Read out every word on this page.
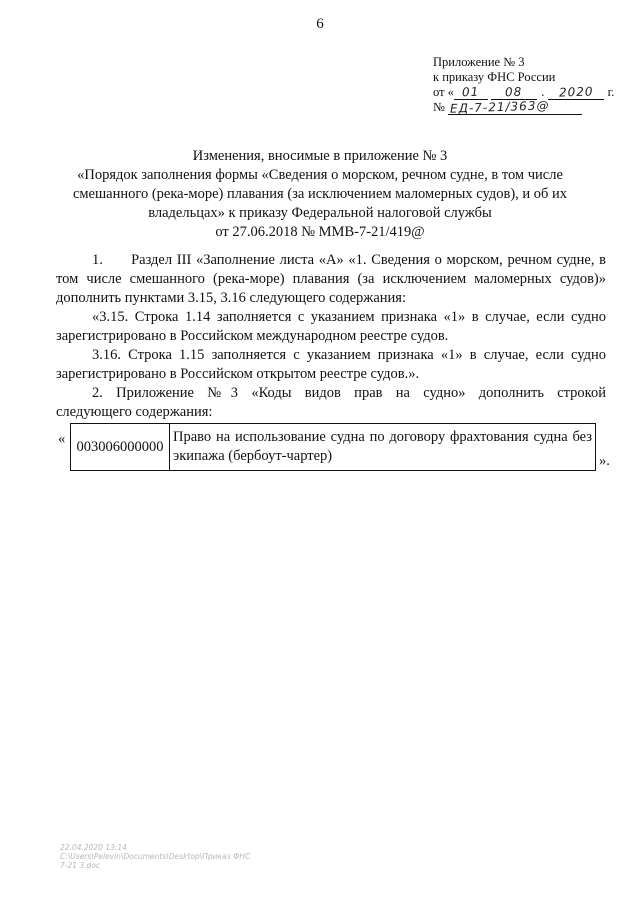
6
Приложение № 3
к приказу ФНС России
от « 01 08 . 2020 г.
№ ЕД-7-21/363@
Изменения, вносимые в приложение № 3
«Порядок заполнения формы «Сведения о морском, речном судне, в том числе
смешанного (река-море) плавания (за исключением маломерных судов), и об их
владельцах» к приказу Федеральной налоговой службы
от 27.06.2018 № ММВ-7-21/419@

1.      Раздел III «Заполнение листа «А» «1. Сведения о морском, речном судне, в том числе смешанного (река-море) плавания (за исключением маломерных судов)» дополнить пунктами 3.15, 3.16 следующего содержания:

«3.15. Строка 1.14 заполняется с указанием признака «1» в случае, если судно зарегистрировано в Российском международном реестре судов.

3.16. Строка 1.15 заполняется с указанием признака «1» в случае, если судно зарегистрировано в Российском открытом реестре судов.».

2. Приложение №3 «Коды видов прав на судно» дополнить строкой

следующего содержания:

« 003006000000	Право на использование судна по договору фрахтования судна без экипажа (бербоут-чартер)	».
22.04.2020 13:14
С:\Users\Pelevin\Documents\Desktop\Приказ ФНС 7-21 3.doc
